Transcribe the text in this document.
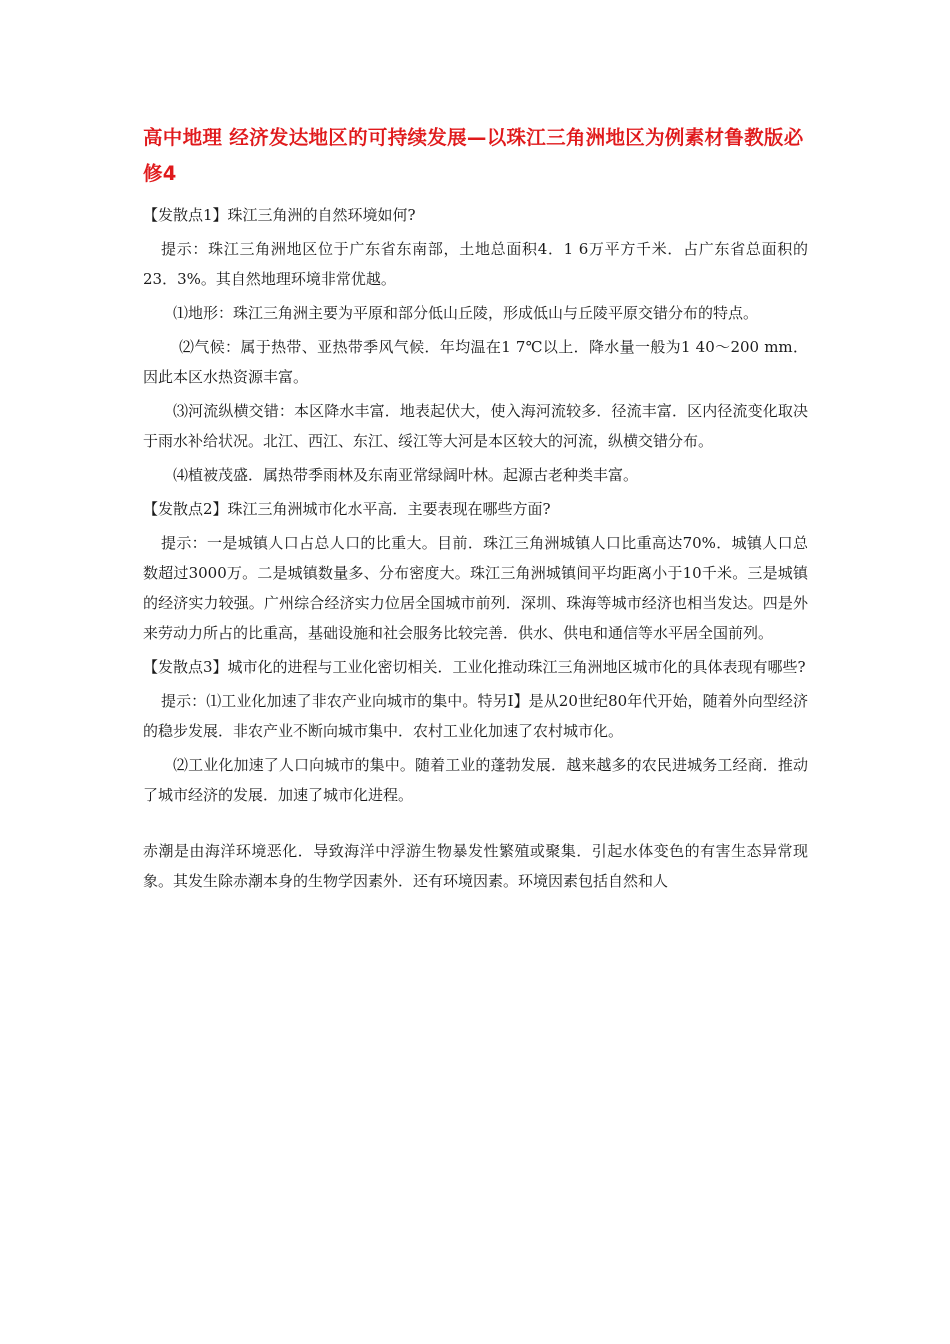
高中地理 经济发达地区的可持续发展—以珠江三角洲地区为例素材鲁教版必修4
【发散点1】珠江三角洲的自然环境如何?
提示：珠江三角洲地区位于广东省东南部，土地总面积4．1 6万平方千米．占广东省总面积的23．3%。其自然地理环境非常优越。
⑴地形：珠江三角洲主要为平原和部分低山丘陵，形成低山与丘陵平原交错分布的特点。
⑵气候：属于热带、亚热带季风气候．年均温在1 7℃以上．降水量一般为1 40～200 mm．因此本区水热资源丰富。
⑶河流纵横交错：本区降水丰富．地表起伏大，使入海河流较多．径流丰富．区内径流变化取决于雨水补给状况。北江、西江、东江、绥江等大河是本区较大的河流，纵横交错分布。
⑷植被茂盛．属热带季雨林及东南亚常绿阔叶林。起源古老种类丰富。
【发散点2】珠江三角洲城市化水平高．主要表现在哪些方面?
提示：一是城镇人口占总人口的比重大。目前．珠江三角洲城镇人口比重高达70%．城镇人口总数超过3000万。二是城镇数量多、分布密度大。珠江三角洲城镇间平均距离小于10千米。三是城镇的经济实力较强。广州综合经济实力位居全国城市前列．深圳、珠海等城市经济也相当发达。四是外来劳动力所占的比重高，基础设施和社会服务比较完善．供水、供电和通信等水平居全国前列。
【发散点3】城市化的进程与工业化密切相关．工业化推动珠江三角洲地区城市化的具体表现有哪些?
提示：⑴工业化加速了非农产业向城市的集中。特另I】是从20世纪80年代开始，随着外向型经济的稳步发展．非农产业不断向城市集中．农村工业化加速了农村城市化。
⑵工业化加速了人口向城市的集中。随着工业的蓬勃发展．越来越多的农民进城务工经商．推动了城市经济的发展．加速了城市化进程。
赤潮是由海洋环境恶化．导致海洋中浮游生物暴发性繁殖或聚集．引起水体变色的有害生态异常现象。其发生除赤潮本身的生物学因素外．还有环境因素。环境因素包括自然和人
